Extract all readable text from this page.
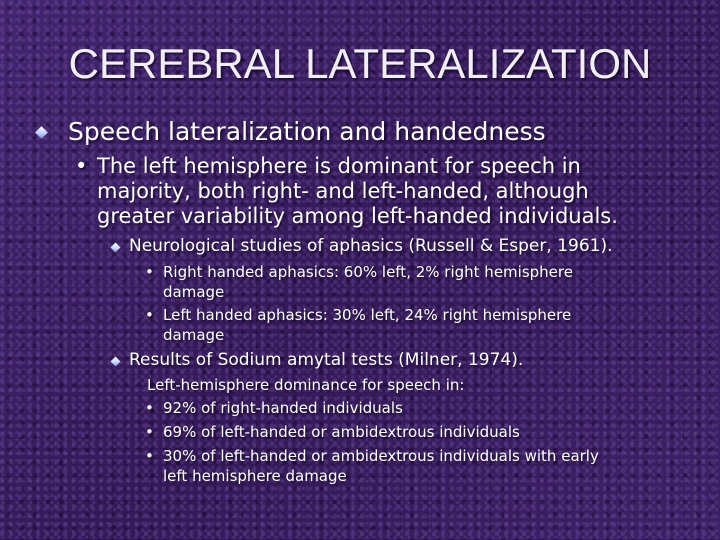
CEREBRAL LATERALIZATION
Speech lateralization and handedness
• The left hemisphere is dominant for speech in
majority, both right- and left-handed, although
greater variability among left-handed individuals.
Neurological studies of aphasics (Russell & Esper, 1961).
• Right handed aphasics: 60% left, 2% right hemisphere
damage
• Left handed aphasics: 30% left, 24% right hemisphere
damage
Results of Sodium amytal tests (Milner, 1974).
Left-hemisphere dominance for speech in:
• 92% of right-handed individuals
• 69% of left-handed or ambidextrous individuals
• 30% of left-handed or ambidextrous individuals with early
left hemisphere damage
